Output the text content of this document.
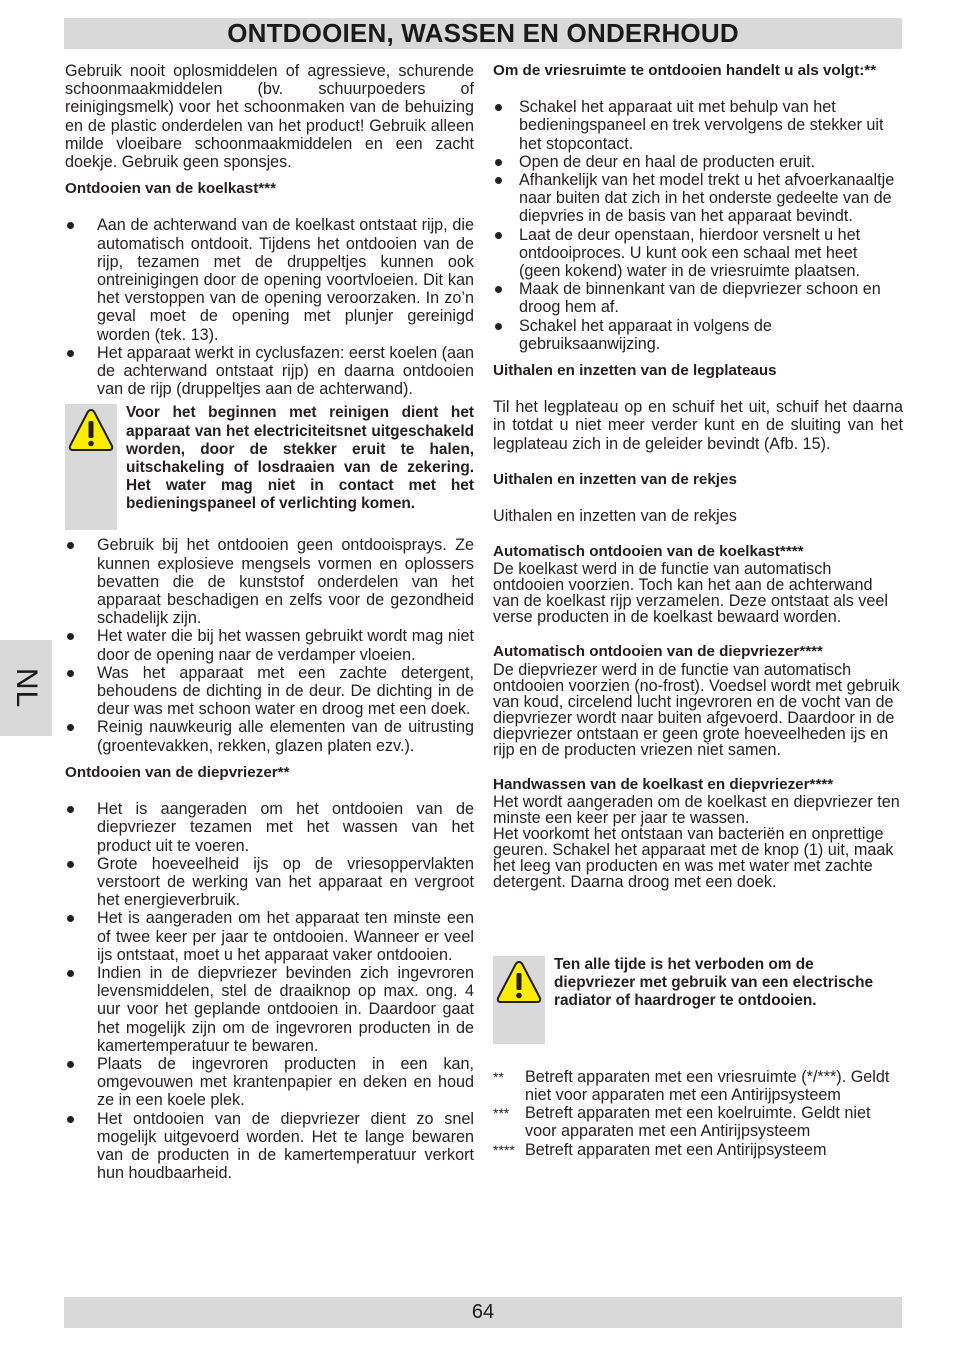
ONTDOOIEN, WASSEN EN ONDERHOUD
NL

Gebruik nooit oplosmiddelen of agressieve, schurende schoonmaakmiddelen (bv. schuurpoeders of reinigingsmelk) voor het schoonmaken van de behuizing en de plastic onderdelen van het product! Gebruik alleen milde vloeibare schoonmaakmiddelen en een zacht doekje. Gebruik geen sponsjes.

Ontdooien van de koelkast***

Aan de achterwand van de koelkast ontstaat rijp, die automatisch ontdooit. Tijdens het ontdooien van de rijp, tezamen met de druppeltjes kunnen ook ontreinigingen door de opening voortvloeien. Dit kan het verstoppen van de opening veroorzaken. In zo’n geval moet de opening met plunjer gereinigd worden (tek. 13).
Het apparaat werkt in cyclusfazen: eerst koelen (aan de achterwand ontstaat rijp) en daarna ontdooien van de rijp (druppeltjes aan de achterwand).
Voor het beginnen met reinigen dient het apparaat van het electriciteitsnet uitgeschakeld worden, door de stekker eruit te halen, uitschakeling of losdraaien van de zekering. Het water mag niet in contact met het bedieningspaneel of verlichting komen.
Gebruik bij het ontdooien geen ontdooisprays. Ze kunnen explosieve mengsels vormen en oplossers bevatten die de kunststof onderdelen van het apparaat beschadigen en zelfs voor de gezondheid schadelijk zijn.
Het water die bij het wassen gebruikt wordt mag niet door de opening naar de verdamper vloeien.
Was het apparaat met een zachte detergent, behoudens de dichting in de deur. De dichting in de deur was met schoon water en droog met een doek.
Reinig nauwkeurig alle elementen van de uitrusting (groentevakken, rekken, glazen platen ezv.).

Ontdooien van de diepvriezer**

Het is aangeraden om het ontdooien van de diepvriezer tezamen met het wassen van het product uit te voeren.
Grote hoeveelheid ijs op de vriesoppervlakten verstoort de werking van het apparaat en vergroot het energieverbruik.
Het is aangeraden om het apparaat ten minste een of twee keer per jaar te ontdooien. Wanneer er veel ijs ontstaat, moet u het apparaat vaker ontdooien.
Indien in de diepvriezer bevinden zich ingevroren levensmiddelen, stel de draaiknop op max. ong. 4 uur voor het geplande ontdooien in. Daardoor gaat het mogelijk zijn om de ingevroren producten in de kamertemperatuur te bewaren.
Plaats de ingevroren producten in een kan, omgevouwen met krantenpapier en deken en houd ze in een koele plek.
Het ontdooien van de diepvriezer dient zo snel mogelijk uitgevoerd worden. Het te lange bewaren van de producten in de kamertemperatuur verkort hun houdbaarheid.

Om de vriesruimte te ontdooien handelt u als volgt:**

Schakel het apparaat uit met behulp van het bedieningspaneel en trek vervolgens de stekker uit het stopcontact.
Open de deur en haal de producten eruit.
Afhankelijk van het model trekt u het afvoerkanaaltje naar buiten dat zich in het onderste gedeelte van de diepvries in de basis van het apparaat bevindt.
Laat de deur openstaan, hierdoor versnelt u het ontdooiproces. U kunt ook een schaal met heet (geen kokend) water in de vriesruimte plaatsen.
Maak de binnenkant van de diepvriezer schoon en droog hem af.
Schakel het apparaat in volgens de gebruiksaanwijzing.

Uithalen en inzetten van de legplateaus

Til het legplateau op en schuif het uit, schuif het daarna in totdat u niet meer verder kunt en de sluiting van het legplateau zich in de geleider bevindt (Afb. 15).

Uithalen en inzetten van de rekjes

Uithalen en inzetten van de rekjes

Automatisch ontdooien van de koelkast****

De koelkast werd in de functie van automatisch ontdooien voorzien. Toch kan het aan de achterwand van de koelkast rijp verzamelen. Deze ontstaat als veel verse producten in de koelkast bewaard worden.

Automatisch ontdooien van de diepvriezer****

De diepvriezer werd in de functie van automatisch ontdooien voorzien (no-frost). Voedsel wordt met gebruik van koud, circelend lucht ingevroren en de vocht van de diepvriezer wordt naar buiten afgevoerd. Daardoor in de diepvriezer ontstaan er geen grote hoeveelheden ijs en rijp en de producten vriezen niet samen.

Handwassen van de koelkast en diepvriezer****

Het wordt aangeraden om de koelkast en diepvriezer ten minste een keer per jaar te wassen.

Het voorkomt het ontstaan van bacteriën en onprettige geuren. Schakel het apparaat met de knop (1) uit, maak het leeg van producten en was met water met zachte detergent. Daarna droog met een doek.

Ten alle tijde is het verboden om de diepvriezer met gebruik van een electrische radiator of haardroger te ontdooien.
**	Betreft apparaten met een vriesruimte (*/***). Geldt niet voor apparaten met een Antirijpsysteem
*** Betreft apparaten met een koelruimte. Geldt niet voor apparaten met een Antirijpsysteem
**** Betreft apparaten met een Antirijpsysteem
64
